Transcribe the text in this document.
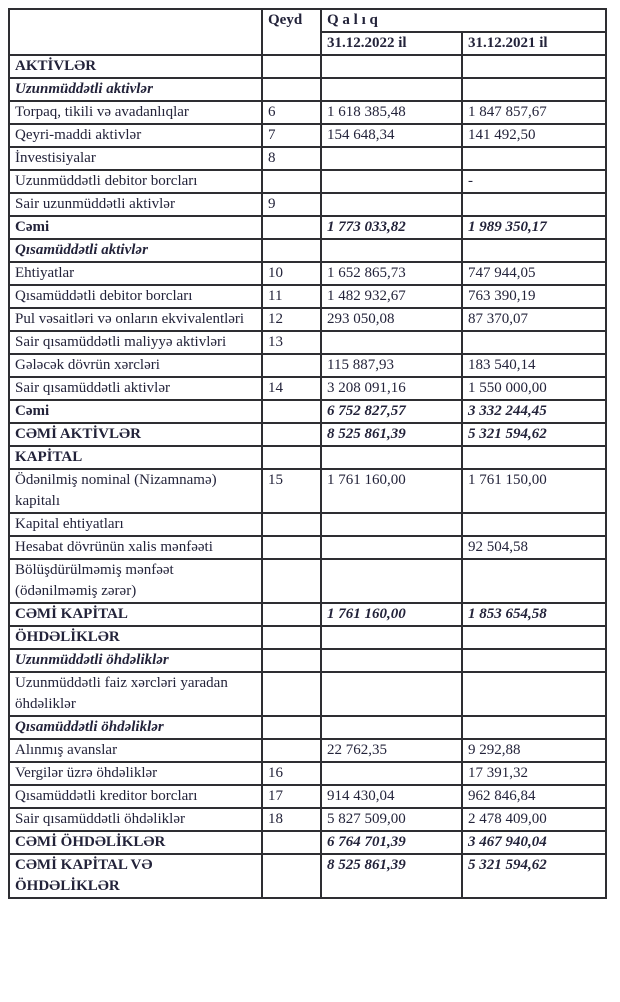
	Qeyd	Q a l ı q	
		31.12.2022 il	31.12.2021 il
AKTİVLƏR			
Uzunmüddətli aktivlər			
Torpaq, tikili və avadanlıqlar	6	1 618 385,48	1 847 857,67
Qeyri-maddi aktivlər	7	154 648,34	141 492,50
İnvestisiyalar	8		
Uzunmüddətli debitor borcları			-
Sair uzunmüddətli aktivlər	9		
Cəmi		1 773 033,82	1 989 350,17
Qısamüddətli aktivlər			
Ehtiyatlar	10	1 652 865,73	747 944,05
Qısamüddətli debitor borcları	11	1 482 932,67	763 390,19
Pul vəsaitləri və onların ekvivalentləri	12	293 050,08	87 370,07
Sair qısamüddətli maliyyə aktivləri	13		
Gələcək dövrün xərcləri		115 887,93	183 540,14
Sair qısamüddətli aktivlər	14	3 208 091,16	1 550 000,00
Cəmi		6 752 827,57	3 332 244,45
CƏMİ AKTİVLƏR		8 525 861,39	5 321 594,62
KAPİTAL			
Ödənilmiş nominal (Nizamnamə) kapitalı	15	1 761 160,00	1 761 150,00
Kapital ehtiyatları			
Hesabat dövrünün xalis mənfəəti			92 504,58
Bölüşdürülməmiş mənfəət (ödənilməmiş zərər)			
CƏMİ KAPİTAL		1 761 160,00	1 853 654,58
ÖHDƏLİKLƏR			
Uzunmüddətli öhdəliklər			
Uzunmüddətli faiz xərcləri yaradan öhdəliklər			
Qısamüddətli öhdəliklər			
Alınmış avanslar		22 762,35	9 292,88
Vergilər üzrə öhdəliklər	16		17 391,32
Qısamüddətli kreditor borcları	17	914 430,04	962 846,84
Sair qısamüddətli öhdəliklər	18	5 827 509,00	2 478 409,00
CƏMİ ÖHDƏLİKLƏR		6 764 701,39	3 467 940,04
CƏMİ KAPİTAL VƏ ÖHDƏLİKLƏR		8 525 861,39	5 321 594,62
